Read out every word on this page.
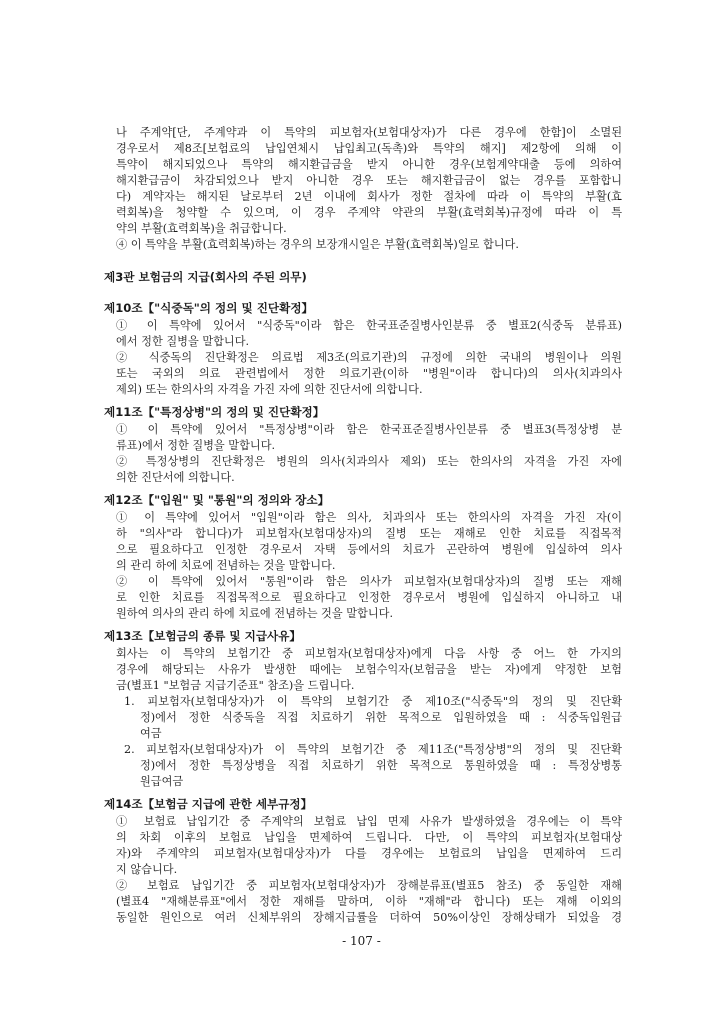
나 주계약[단, 주계약과 이 특약의 피보험자(보험대상자)가 다른 경우에 한함]이 소멸된
경우로서 제8조[보험료의 납입연체시 납입최고(독촉)와 특약의 해지] 제2항에 의해 이
특약이 해지되었으나 특약의 해지환급금을 받지 아니한 경우(보험계약대출 등에 의하여
해지환급금이 차감되었으나 받지 아니한 경우 또는 해지환급금이 없는 경우를 포함합니
다) 계약자는 해지된 날로부터 2년 이내에 회사가 정한 절차에 따라 이 특약의 부활(효
력회복)을 청약할 수 있으며, 이 경우 주계약 약관의 부활(효력회복)규정에 따라 이 특
약의 부활(효력회복)을 취급합니다.
④ 이 특약을 부활(효력회복)하는 경우의 보장개시일은 부활(효력회복)일로 합니다.
제3관 보험금의 지급(회사의 주된 의무)
제10조【"식중독"의 정의 및 진단확정】
① 이 특약에 있어서 "식중독"이라 함은 한국표준질병사인분류 중 별표2(식중독 분류표)
에서 정한 질병을 말합니다.
② 식중독의 진단확정은 의료법 제3조(의료기관)의 규정에 의한 국내의 병원이나 의원
또는 국외의 의료 관련법에서 정한 의료기관(이하 "병원"이라 합니다)의 의사(치과의사
제외) 또는 한의사의 자격을 가진 자에 의한 진단서에 의합니다.
제11조【"특정상병"의 정의 및 진단확정】
① 이 특약에 있어서 "특정상병"이라 함은 한국표준질병사인분류 중 별표3(특정상병 분
류표)에서 정한 질병을 말합니다.
② 특정상병의 진단확정은 병원의 의사(치과의사 제외) 또는 한의사의 자격을 가진 자에
의한 진단서에 의합니다.
제12조【"입원" 및 "통원"의 정의와 장소】
① 이 특약에 있어서 "입원"이라 함은 의사, 치과의사 또는 한의사의 자격을 가진 자(이
하 "의사"라 합니다)가 피보험자(보험대상자)의 질병 또는 재해로 인한 치료를 직접목적
으로 필요하다고 인정한 경우로서 자택 등에서의 치료가 곤란하여 병원에 입실하여 의사
의 관리 하에 치료에 전념하는 것을 말합니다.
② 이 특약에 있어서 "통원"이라 함은 의사가 피보험자(보험대상자)의 질병 또는 재해
로 인한 치료를 직접목적으로 필요하다고 인정한 경우로서 병원에 입실하지 아니하고 내
원하여 의사의 관리 하에 치료에 전념하는 것을 말합니다.
제13조【보험금의 종류 및 지급사유】
회사는 이 특약의 보험기간 중 피보험자(보험대상자)에게 다음 사항 중 어느 한 가지의
경우에 해당되는 사유가 발생한 때에는 보험수익자(보험금을 받는 자)에게 약정한 보험
금(별표1 "보험금 지급기준표" 참조)을 드립니다.
1. 피보험자(보험대상자)가 이 특약의 보험기간 중 제10조("식중독"의 정의 및 진단확
정)에서 정한 식중독을 직접 치료하기 위한 목적으로 입원하였을 때 : 식중독입원급
여금
2. 피보험자(보험대상자)가 이 특약의 보험기간 중 제11조("특정상병"의 정의 및 진단확
정)에서 정한 특정상병을 직접 치료하기 위한 목적으로 통원하였을 때 : 특정상병통
원급여금
제14조【보험금 지급에 관한 세부규정】
① 보험료 납입기간 중 주계약의 보험료 납입 면제 사유가 발생하였을 경우에는 이 특약
의 차회 이후의 보험료 납입을 면제하여 드립니다. 다만, 이 특약의 피보험자(보험대상
자)와 주계약의 피보험자(보험대상자)가 다를 경우에는 보험료의 납입을 면제하여 드리
지 않습니다.
② 보험료 납입기간 중 피보험자(보험대상자)가 장해분류표(별표5 참조) 중 동일한 재해
(별표4 "재해분류표"에서 정한 재해를 말하며, 이하 "재해"라 합니다) 또는 재해 이외의
동일한 원인으로 여러 신체부위의 장해지급률을 더하여 50%이상인 장해상태가 되었을 경
- 107 -
